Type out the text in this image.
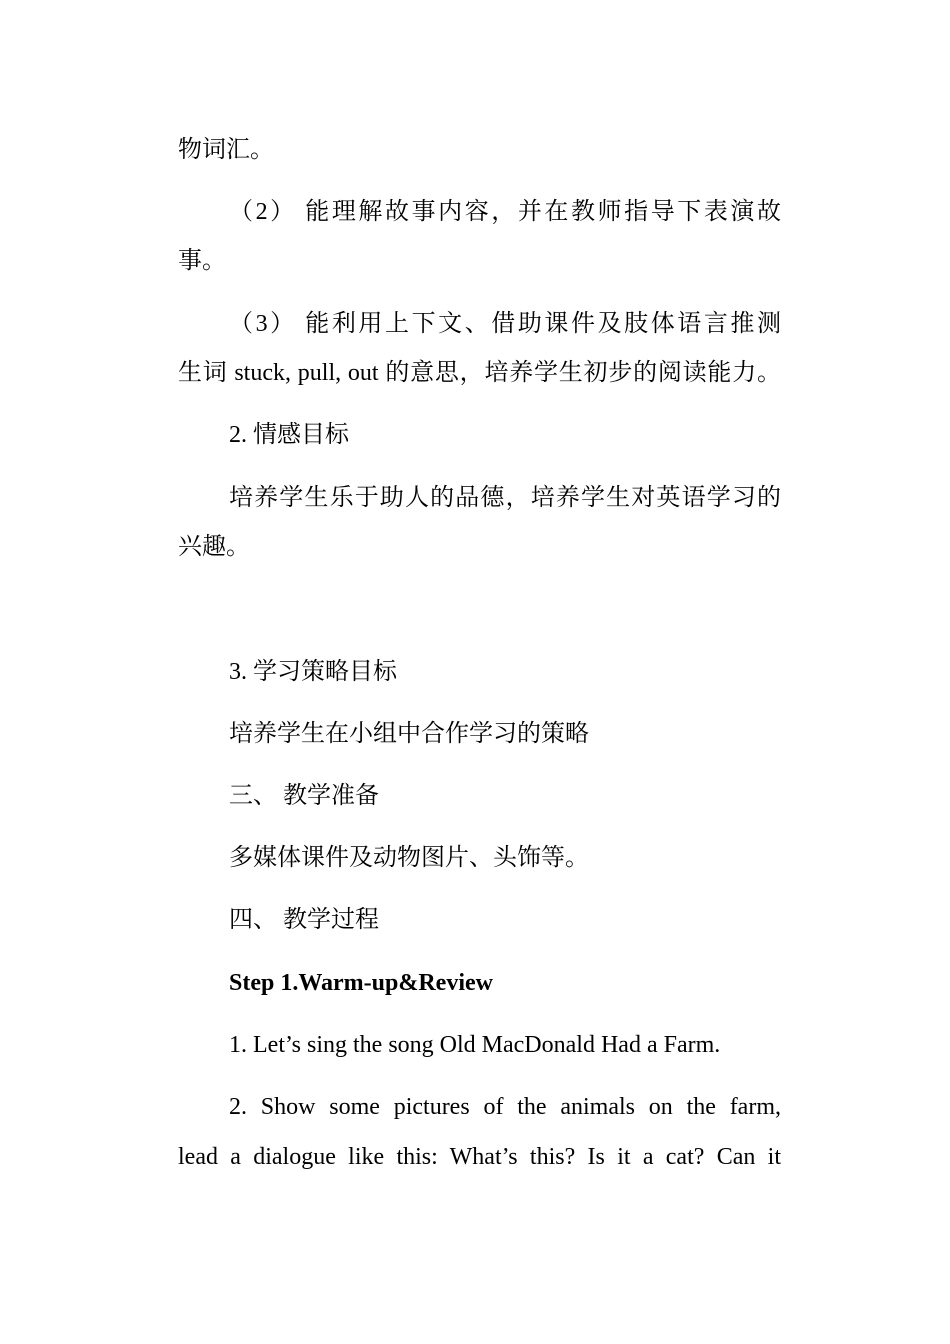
物词汇。
（2） 能理解故事内容，并在教师指导下表演故
事。
（3） 能利用上下文、借助课件及肢体语言推测
生词 stuck, pull, out 的意思，培养学生初步的阅读能力。
2. 情感目标
培养学生乐于助人的品德，培养学生对英语学习的
兴趣。
3. 学习策略目标
培养学生在小组中合作学习的策略
三、 教学准备
多媒体课件及动物图片、头饰等。
四、 教学过程
Step 1.Warm-up&Review
1. Let’s sing the song Old MacDonald Had a Farm.
2. Show some pictures of the animals on the farm,
lead a dialogue like this: What’s this? Is it a cat? Can it
